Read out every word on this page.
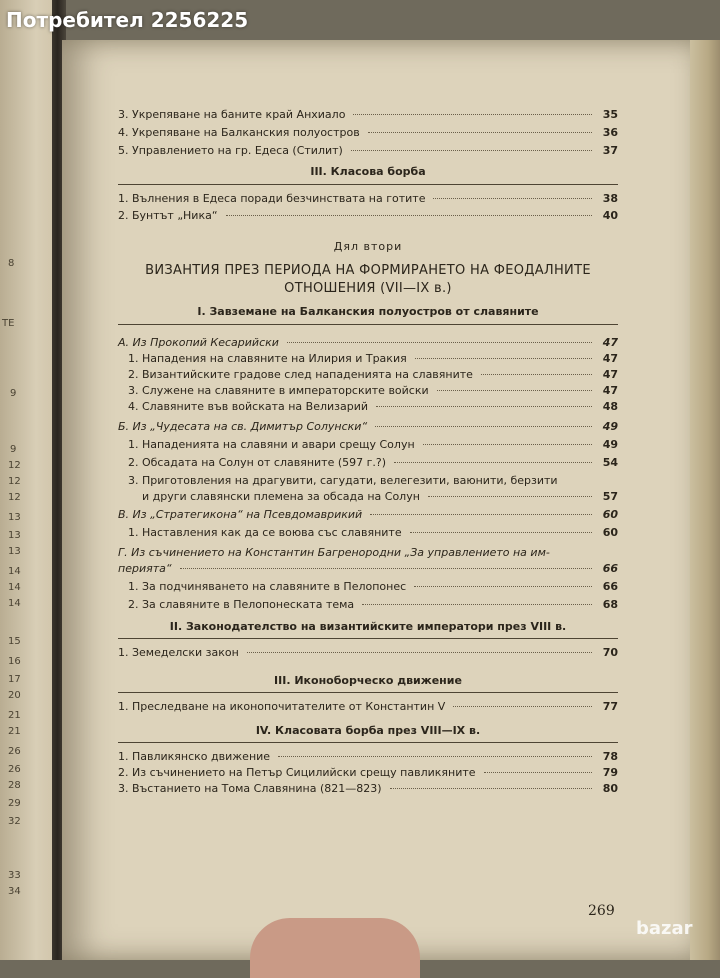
8
ТЕ
9
9
12
12
12
13
13
13
14
14
14
15
16
17
20
21
21
26
26
28
29
32
33
34
Потребител 2256225
3. Укрепяване на баните край Анхиало	35
4. Укрепяване на Балканския полуостров	36
5. Управлението на гр. Едеса (Стилит)	37
III. Класова борба
1. Вълнения в Едеса поради безчинствата на готите	38
2. Бунтът „Ника“	40
Дял втори
ВИЗАНТИЯ ПРЕЗ ПЕРИОДА НА ФОРМИРАНЕТО НА ФЕОДАЛНИТЕ ОТНОШЕНИЯ (VII—IX в.)
I. Завземане на Балканския полуостров от славяните
А. Из Прокопий Кесарийски	47
1. Нападения на славяните на Илирия и Тракия	47
2. Византийските градове след нападенията на славяните	47
3. Служене на славяните в императорските войски	47
4. Славяните във войската на Велизарий	48
Б. Из „Чудесата на св. Димитър Солунски“	49
1. Нападенията на славяни и авари срещу Солун	49
2. Обсадата на Солун от славяните (597 г.?)	54
3. Приготовления на драгувити, сагудати, велегезити, ваюнити, берзити
и други славянски племена за обсада на Солун	57
В. Из „Стратегикона“ на Псевдомаврикий	60
1. Наставления как да се воюва със славяните	60
Г. Из съчинението на Константин Багренородни „За управлението на им-
перията“	66
1. За подчиняването на славяните в Пелопонес	66
2. За славяните в Пелопонеската тема	68
II. Законодателство на византийските императори през VIII в.
1. Земеделски закон	70
III. Иконоборческо движение
1. Преследване на иконопочитателите от Константин V	77
IV. Класовата борба през VIII—IX в.
1. Павликянско движение	78
2. Из съчинението на Петър Сицилийски срещу павликяните	79
3. Въстанието на Тома Славянина (821—823)	80
269
bazar
